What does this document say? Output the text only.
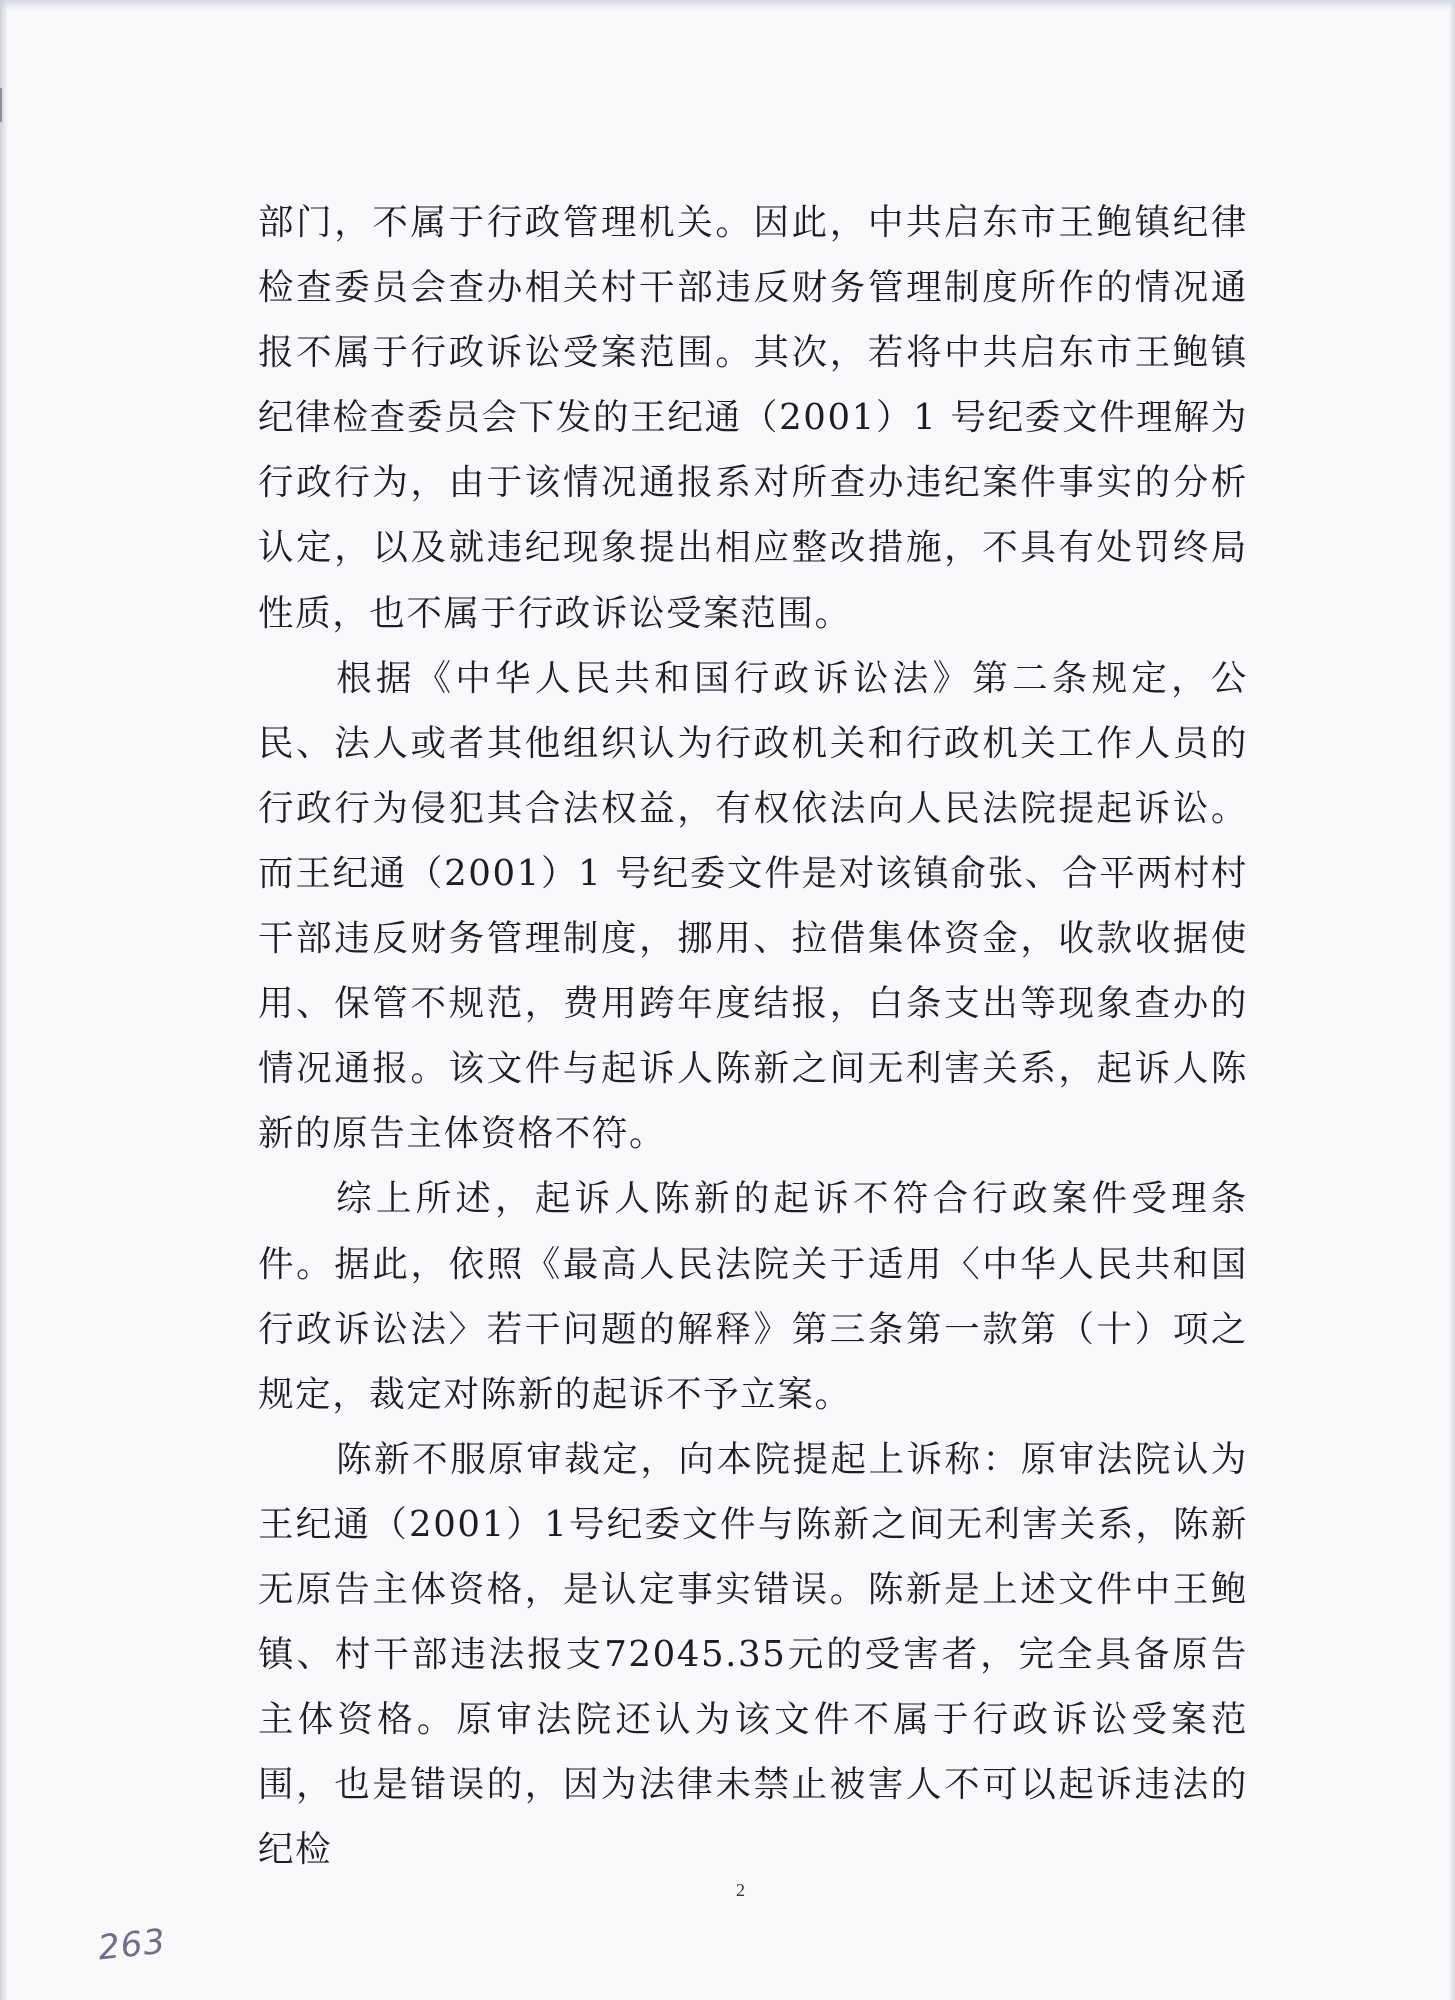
部门，不属于行政管理机关。因此，中共启东市王鲍镇纪律检查委员会查办相关村干部违反财务管理制度所作的情况通报不属于行政诉讼受案范围。其次，若将中共启东市王鲍镇纪律检查委员会下发的王纪通（2001）1 号纪委文件理解为行政行为，由于该情况通报系对所查办违纪案件事实的分析认定，以及就违纪现象提出相应整改措施，不具有处罚终局性质，也不属于行政诉讼受案范围。

根据《中华人民共和国行政诉讼法》第二条规定，公民、法人或者其他组织认为行政机关和行政机关工作人员的行政行为侵犯其合法权益，有权依法向人民法院提起诉讼。而王纪通（2001）1 号纪委文件是对该镇俞张、合平两村村干部违反财务管理制度，挪用、拉借集体资金，收款收据使用、保管不规范，费用跨年度结报，白条支出等现象查办的情况通报。该文件与起诉人陈新之间无利害关系，起诉人陈新的原告主体资格不符。

综上所述，起诉人陈新的起诉不符合行政案件受理条件。据此，依照《最高人民法院关于适用〈中华人民共和国行政诉讼法〉若干问题的解释》第三条第一款第（十）项之规定，裁定对陈新的起诉不予立案。

陈新不服原审裁定，向本院提起上诉称：原审法院认为王纪通（2001）1号纪委文件与陈新之间无利害关系，陈新无原告主体资格，是认定事实错误。陈新是上述文件中王鲍镇、村干部违法报支72045.35元的受害者，完全具备原告主体资格。原审法院还认为该文件不属于行政诉讼受案范围，也是错误的，因为法律未禁止被害人不可以起诉违法的纪检

2
263
